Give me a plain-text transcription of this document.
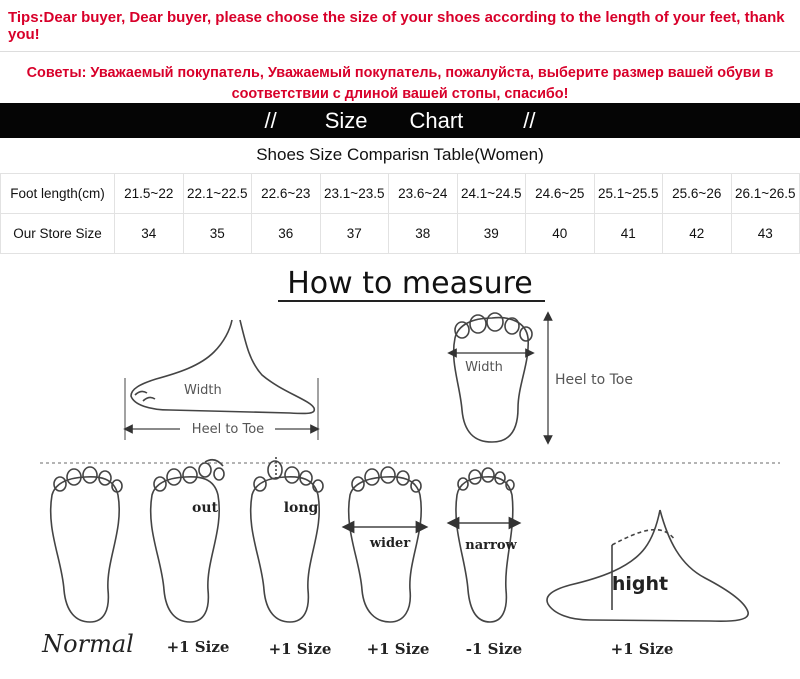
Tips:Dear buyer, Dear buyer, please choose the size of your shoes according to the length of your feet, thank you!
Советы: Уважаемый покупатель, Уважаемый покупатель, пожалуйста, выберите размер вашей обуви в соответствии с длиной вашей стопы, спасибо!
// Size Chart	//
Shoes Size Comparisn Table(Women)
Foot length(cm)	21.5~22	22.1~22.5	22.6~23	23.1~23.5	23.6~24	24.1~24.5	24.6~25	25.1~25.5	25.6~26	26.1~26.5
Our Store Size	34	35	36	37	38	39	40	41	42	43
How to measure
Width
Heel to Toe
Width
Heel to Toe
out	long
wider	narrow
hight
Normal +1 Size	+1 Size +1 Size -1 Size	+1 Size
